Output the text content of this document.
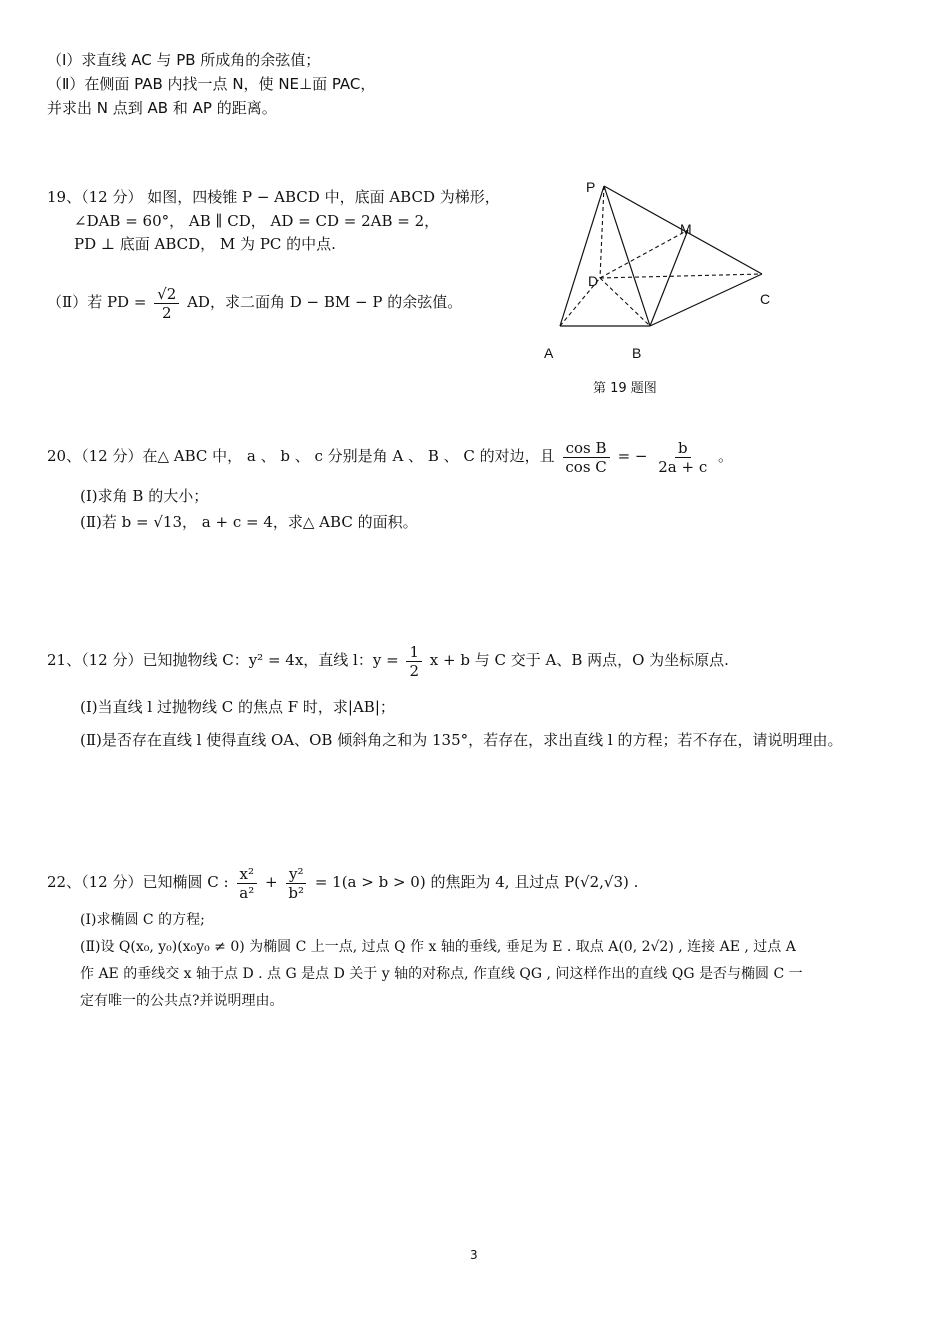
（Ⅰ）求直线 AC 与 PB 所成角的余弦值；
（Ⅱ）在侧面 PAB 内找一点 N，使 NE⊥面 PAC，
并求出 N 点到 AB 和 AP 的距离。
19、（12 分） 如图，四棱锥 P − ABCD 中，底面 ABCD 为梯形，
∠DAB = 60°， AB ∥ CD， AD = CD = 2AB = 2，
PD ⊥ 底面 ABCD， M 为 PC 的中点.
（Ⅱ）若 PD = $\frac{√2}{2}$ AD，求二面角 D − BM − P 的余弦值。
P
M
D
C
A	B
第 19 题图
20、（12 分）在△ ABC 中， a 、 b 、 c 分别是角 A 、 B 、 C 的对边，且 $\frac{\text{cos B}}{\text{cos C}}$ = − $\frac{b}{2a + c}$ 。
(Ⅰ)求角 B 的大小；
(Ⅱ)若 b = √13， a + c = 4，求△ ABC 的面积。
21、（12 分）已知抛物线 C：y² = 4x，直线 l：$y = \frac{1}{2}$ x + b 与 C 交于 A、B 两点，O 为坐标原点.
(Ⅰ)当直线 l 过抛物线 C 的焦点 F 时，求|AB|；
(Ⅱ)是否存在直线 l 使得直线 OA、OB 倾斜角之和为 135°，若存在，求出直线 l 的方程；若不存在，请说明理由。
22、（12 分）已知椭圆 C : $\frac{\text{x²}}{\text{a²}} + \frac{\text{y²}}{\text{b²}} = 1(a > b > 0)$ 的焦距为 4, 且过点 P(√2,√3) .
(Ⅰ)求椭圆 C 的方程;
(Ⅱ)设 Q(x₀, y₀)(x₀y₀ ≠ 0) 为椭圆 C 上一点, 过点 Q 作 x 轴的垂线, 垂足为 E . 取点 A(0, 2√2) , 连接 AE , 过点 A
作 AE 的垂线交 x 轴于点 D . 点 G 是点 D 关于 y 轴的对称点, 作直线 QG , 问这样作出的直线 QG 是否与椭圆 C 一
定有唯一的公共点?并说明理由。
3
